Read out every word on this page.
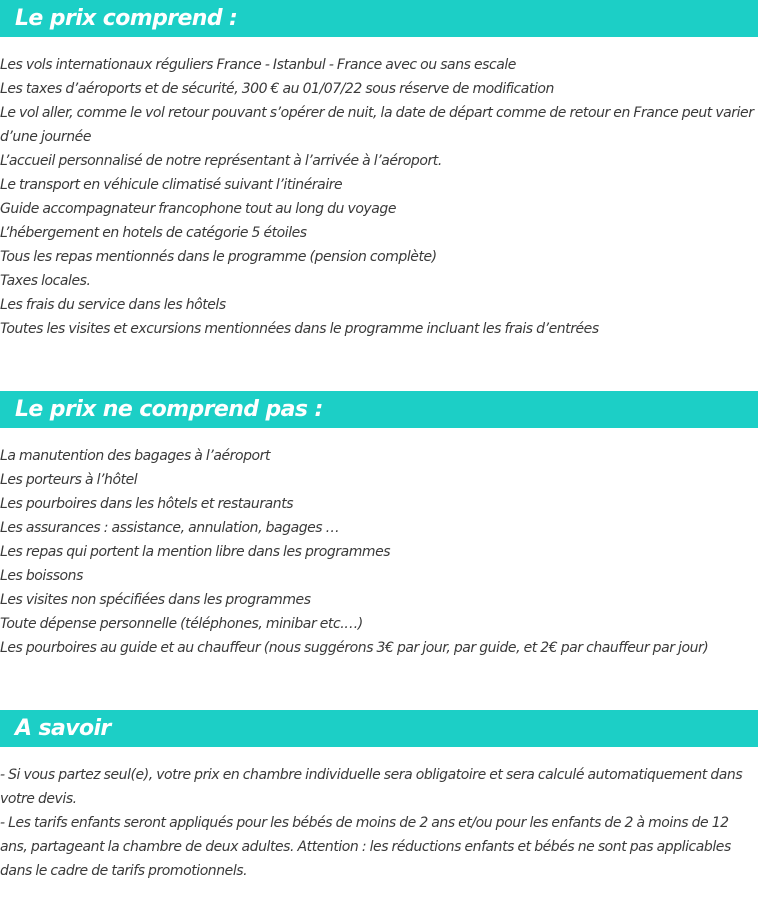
Le prix comprend :
Les vols internationaux réguliers France - Istanbul - France avec ou sans escale
Les taxes d’aéroports et de sécurité, 300 € au 01/07/22 sous réserve de modification
Le vol aller, comme le vol retour pouvant s’opérer de nuit, la date de départ comme de retour en France peut varier d’une journée
L’accueil personnalisé de notre représentant à l’arrivée à l’aéroport.
Le transport en véhicule climatisé suivant l’itinéraire
Guide accompagnateur francophone tout au long du voyage
L’hébergement en hotels de catégorie 5 étoiles
Tous les repas mentionnés dans le programme (pension complète)
Taxes locales.
Les frais du service dans les hôtels
Toutes les visites et excursions mentionnées dans le programme incluant les frais d’entrées
Le prix ne comprend pas :
La manutention des bagages à l’aéroport
Les porteurs à l’hôtel
Les pourboires dans les hôtels et restaurants
Les assurances : assistance, annulation, bagages …
Les repas qui portent la mention libre dans les programmes
Les boissons
Les visites non spécifiées dans les programmes
Toute dépense personnelle (téléphones, minibar etc.…)
Les pourboires au guide et au chauffeur (nous suggérons 3€ par jour, par guide, et 2€ par chauffeur par jour)
A savoir

- Si vous partez seul(e), votre prix en chambre individuelle sera obligatoire et sera calculé automatiquement dans votre devis.

- Les tarifs enfants seront appliqués pour les bébés de moins de 2 ans et/ou pour les enfants de 2 à moins de 12 ans, partageant la chambre de deux adultes. Attention : les réductions enfants et bébés ne sont pas applicables dans le cadre de tarifs promotionnels.
